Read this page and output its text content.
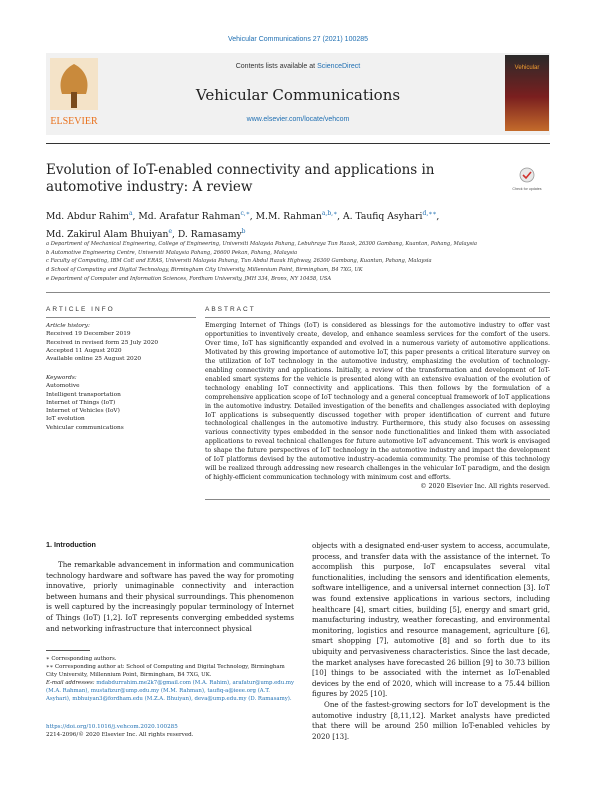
Vehicular Communications 27 (2021) 100285
ELSEVIER
Contents lists available at ScienceDirect
Vehicular Communications
www.elsevier.com/locate/vehcom
Vehicular
Evolution of IoT-enabled connectivity and applications in automotive industry: A review	Check for updates
Md. Abdur Rahim$^a$, Md. Arafatur Rahman$^{c,∗}$, M.M. Rahman$^{a,b,∗}$, A. Taufiq Asyhari$^{d,∗∗}$,
Md. Zakirul Alam Bhuiyan$^e$, D. Ramasamy$^b$
a Department of Mechanical Engineering, College of Engineering, Universiti Malaysia Pahang, Lebuhraya Tun Razak, 26300 Gambang, Kuantan, Pahang, Malaysia
b Automotive Engineering Centre, Universiti Malaysia Pahang, 26600 Pekan, Pahang, Malaysia
c Faculty of Computing, IBM CoE and ERAS, Universiti Malaysia Pahang, Tun Abdul Razak Highway, 26300 Gambang, Kuantan, Pahang, Malaysia
d School of Computing and Digital Technology, Birmingham City University, Millennium Point, Birmingham, B4 7XG, UK
e Department of Computer and Information Sciences, Fordham University, JMH 334, Bronx, NY 10458, USA
ARTICLE INFO	ABSTRACT
Article history:
Received 19 December 2019
Received in revised form 25 July 2020
Accepted 11 August 2020
Available online 25 August 2020
Keywords:
Automotive
Intelligent transportation
Internet of Things (IoT)
Internet of Vehicles (IoV)
IoT evolution
Vehicular communications
Emerging Internet of Things (IoT) is considered as blessings for the automotive industry to offer vast opportunities to inventively create, develop, and enhance seamless services for the comfort of the users. Over time, IoT has significantly expanded and evolved in a numerous variety of automotive applications. Motivated by this growing importance of automotive IoT, this paper presents a critical literature survey on the utilization of IoT technology in the automotive industry, emphasizing the evolution of technology-enabling connectivity and applications. Initially, a review of the transformation and development of IoT-enabled smart systems for the vehicle is presented along with an extensive evaluation of the evolution of technology enabling IoT connectivity and applications. This then follows by the formulation of a comprehensive application scope of IoT technology and a general conceptual framework of IoT applications in the automotive industry. Detailed investigation of the benefits and challenges associated with deploying IoT applications is subsequently discussed together with proper identification of current and future technological challenges in the automotive industry. Furthermore, this study also focuses on assessing various connectivity types embedded in the sensor node functionalities and linked them with associated applications to reveal technical challenges for future automotive IoT advancement. This work is envisaged to shape the future perspectives of IoT technology in the automotive industry and impact the development of IoT platforms devised by the automotive industry–academia community. The promise of this technology will be realized through addressing new research challenges in the vehicular IoT paradigm, and the design of highly-efficient communication technology with minimum cost and efforts.
© 2020 Elsevier Inc. All rights reserved.
1. Introduction

The remarkable advancement in information and communication technology hardware and software has paved the way for promoting innovative, priorly unimaginable connectivity and interaction between humans and their physical surroundings. This phenomenon is well captured by the increasingly popular terminology of Internet of Things (IoT) [1,2]. IoT represents converging embedded systems and networking infrastructure that interconnect physical

objects with a designated end-user system to access, accumulate, process, and transfer data with the assistance of the internet. To accomplish this purpose, IoT encapsulates several vital functionalities, including the sensors and identification elements, software intelligence, and a universal internet connection [3]. IoT was found extensive applications in various sectors, including healthcare [4], smart cities, building [5], energy and smart grid, manufacturing industry, weather forecasting, and environmental monitoring, logistics and resource management, agriculture [6], smart shopping [7], automotive [8] and so forth due to its ubiquity and pervasiveness characteristics. Since the last decade, the market analyses have forecasted 26 billion [9] to 30.73 billion [10] things to be associated with the internet as IoT-enabled devices by the end of 2020, which will increase to a 75.44 billion figures by 2025 [10].

One of the fastest-growing sectors for IoT development is the automotive industry [8,11,12]. Market analysts have predicted that there will be around 250 million IoT-enabled vehicles by 2020 [13].

∗ Corresponding authors.
∗∗ Corresponding author at: School of Computing and Digital Technology, Birmingham City University, Millennium Point, Birmingham, B4 7XG, UK.
E-mail addresses: mdabdurrahim.me2k7@gmail.com (M.A. Rahim), arafatur@ump.edu.my (M.A. Rahman), mustafizur@ump.edu.my (M.M. Rahman), taufiq-a@ieee.org (A.T. Asyhari), mbhuiyan3@fordham.edu (M.Z.A. Bhuiyan), deva@ump.edu.my (D. Ramasamy).
https://doi.org/10.1016/j.vehcom.2020.100285
2214-2096/© 2020 Elsevier Inc. All rights reserved.
